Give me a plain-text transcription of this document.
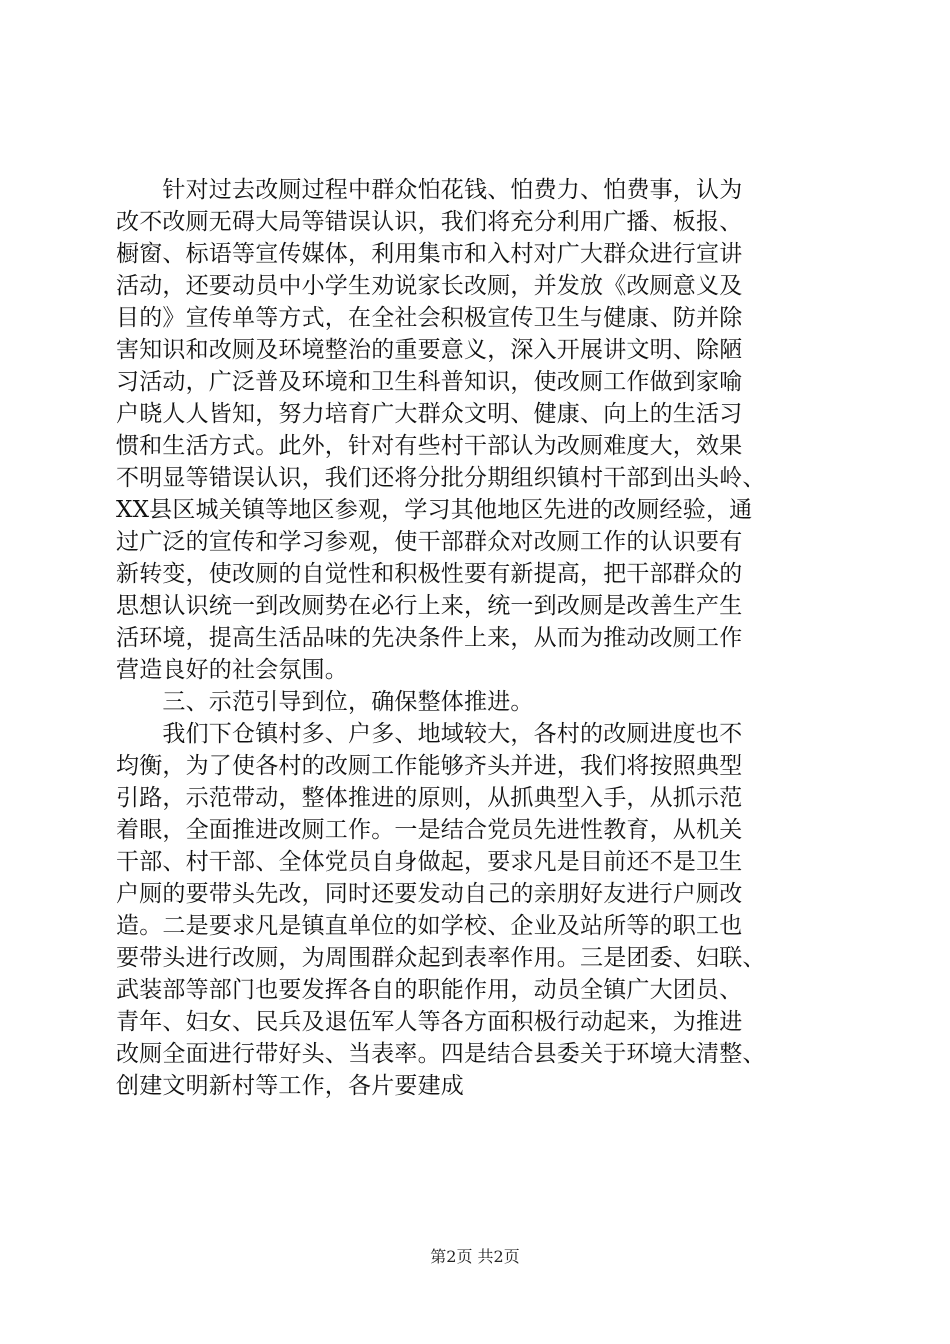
　　针对过去改厕过程中群众怕花钱、怕费力、怕费事，认为
改不改厕无碍大局等错误认识，我们将充分利用广播、板报、
橱窗、标语等宣传媒体，利用集市和入村对广大群众进行宣讲
活动，还要动员中小学生劝说家长改厕，并发放《改厕意义及
目的》宣传单等方式，在全社会积极宣传卫生与健康、防并除
害知识和改厕及环境整治的重要意义，深入开展讲文明、除陋
习活动，广泛普及环境和卫生科普知识，使改厕工作做到家喻
户晓人人皆知，努力培育广大群众文明、健康、向上的生活习
惯和生活方式。此外，针对有些村干部认为改厕难度大，效果
不明显等错误认识，我们还将分批分期组织镇村干部到出头岭、
XX县区城关镇等地区参观，学习其他地区先进的改厕经验，通
过广泛的宣传和学习参观，使干部群众对改厕工作的认识要有
新转变，使改厕的自觉性和积极性要有新提高，把干部群众的
思想认识统一到改厕势在必行上来，统一到改厕是改善生产生
活环境，提高生活品味的先决条件上来，从而为推动改厕工作
营造良好的社会氛围。
　　三、示范引导到位，确保整体推进。
　　我们下仓镇村多、户多、地域较大，各村的改厕进度也不
均衡，为了使各村的改厕工作能够齐头并进，我们将按照典型
引路，示范带动，整体推进的原则，从抓典型入手，从抓示范
着眼，全面推进改厕工作。一是结合党员先进性教育，从机关
干部、村干部、全体党员自身做起，要求凡是目前还不是卫生
户厕的要带头先改，同时还要发动自己的亲朋好友进行户厕改
造。二是要求凡是镇直单位的如学校、企业及站所等的职工也
要带头进行改厕，为周围群众起到表率作用。三是团委、妇联、
武装部等部门也要发挥各自的职能作用，动员全镇广大团员、
青年、妇女、民兵及退伍军人等各方面积极行动起来，为推进
改厕全面进行带好头、当表率。四是结合县委关于环境大清整、
创建文明新村等工作，各片要建成
第2页 共2页
